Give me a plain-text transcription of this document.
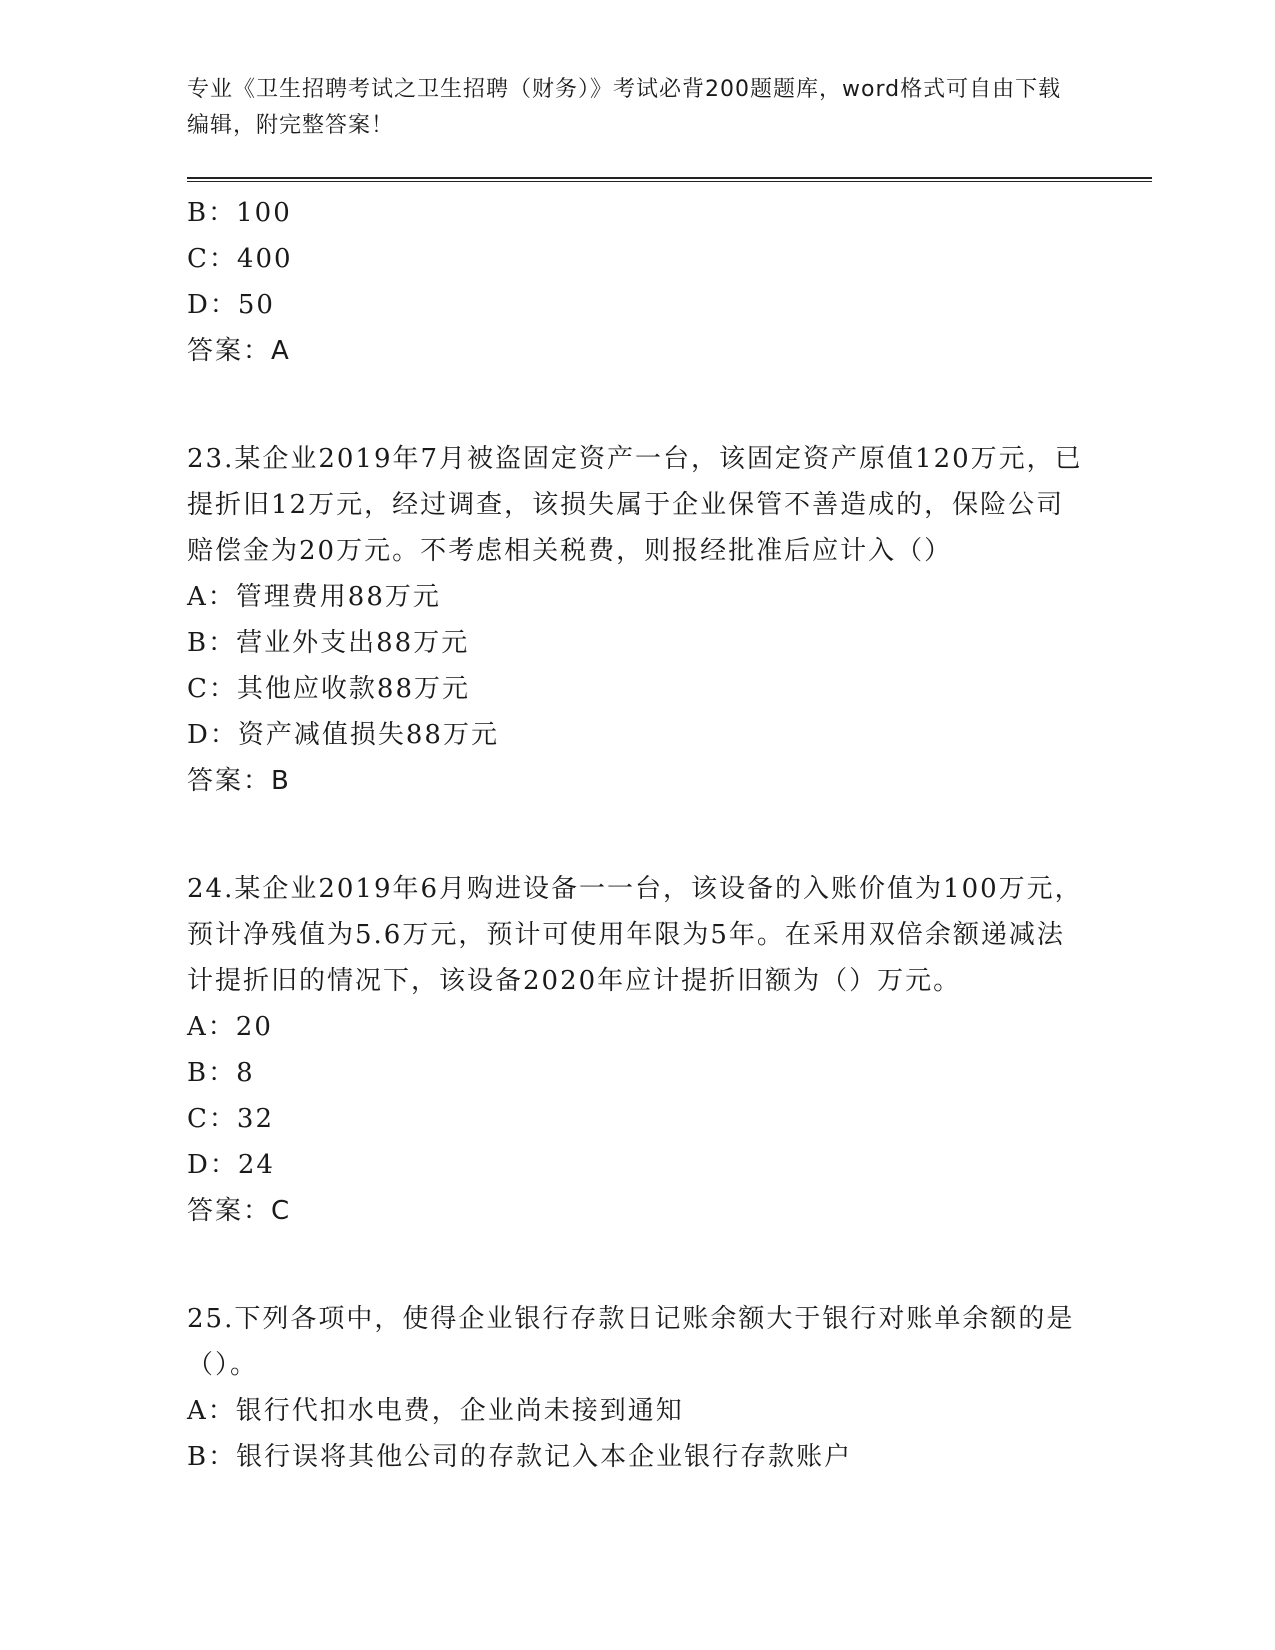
专业《卫生招聘考试之卫生招聘（财务）》考试必背200题题库，word格式可自由下载编辑，附完整答案！
B：100
C：400
D：50
答案：A
23.某企业2019年7月被盗固定资产一台，该固定资产原值120万元，已提折旧12万元，经过调查，该损失属于企业保管不善造成的，保险公司赔偿金为20万元。不考虑相关税费，则报经批准后应计入（）
A：管理费用88万元
B：营业外支出88万元
C：其他应收款88万元
D：资产减值损失88万元
答案：B
24.某企业2019年6月购进设备一一台，该设备的入账价值为100万元，预计净残值为5.6万元，预计可使用年限为5年。在采用双倍余额递减法计提折旧的情况下，该设备2020年应计提折旧额为（）万元。
A：20
B：8
C：32
D：24
答案：C
25.下列各项中，使得企业银行存款日记账余额大于银行对账单余额的是（）。
A：银行代扣水电费，企业尚未接到通知
B：银行误将其他公司的存款记入本企业银行存款账户
